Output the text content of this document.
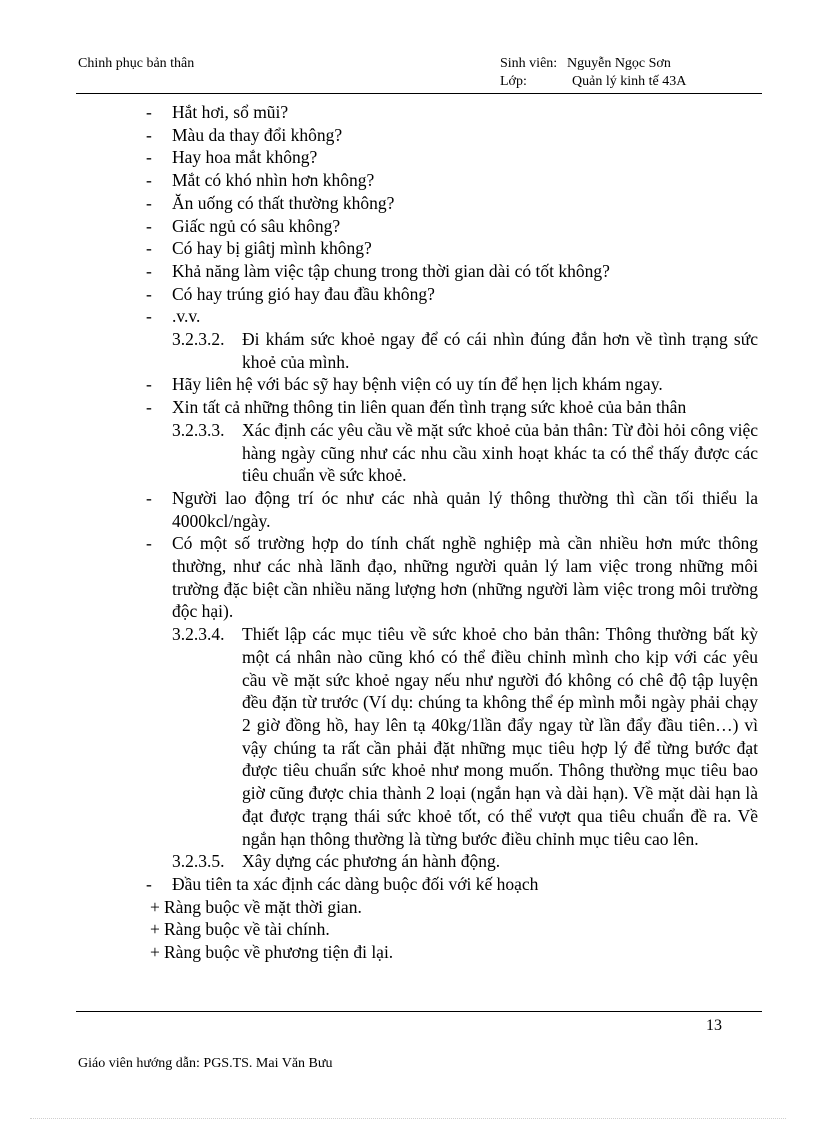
Chinh phục bản thân	Sinh viên: Nguyễn Ngọc Sơn
Lớp:	Quản lý kinh tế 43A
- Hắt hơi, sổ mũi?
- Màu da thay đổi không?
- Hay hoa mắt không?
- Mắt có khó nhìn hơn không?
- Ăn uống có thất thường không?
- Giấc ngủ có sâu không?
- Có hay bị giâtj mình không?
- Khả năng làm việc tập chung trong thời gian dài có tốt không?
- Có hay trúng gió hay đau đầu không?
- .v.v.
3.2.3.2. Đi khám sức khoẻ ngay để có cái nhìn đúng đắn hơn về tình trạng sức khoẻ của mình.
- Hãy liên hệ với bác sỹ hay bệnh viện có uy tín để hẹn lịch khám ngay.
- Xin tất cả những thông tin liên quan đến tình trạng sức khoẻ của bản thân
3.2.3.3. Xác định các yêu cầu về mặt sức khoẻ của bản thân: Từ đòi hỏi công việc hàng ngày cũng như các nhu cầu xinh hoạt khác ta có thể thấy được các tiêu chuẩn về sức khoẻ.
- Người lao động trí óc như các nhà quản lý thông thường thì cần tối thiểu la 4000kcl/ngày.
- Có một số trường hợp do tính chất nghề nghiệp mà cần nhiều hơn mức thông thường, như các nhà lãnh đạo, những người quản lý lam việc trong những môi trường đặc biệt cần nhiều năng lượng hơn (những người làm việc trong môi trường độc hại).
3.2.3.4. Thiết lập các mục tiêu về sức khoẻ cho bản thân: Thông thường bất kỳ một cá nhân nào cũng khó có thể điều chỉnh mình cho kịp với các yêu cầu về mặt sức khoẻ ngay nếu như người đó không có chê độ tập luyện đều đặn từ trước (Ví dụ: chúng ta không thể ép mình mỗi ngày phải chạy 2 giờ đồng hồ, hay lên tạ 40kg/1lần đẩy ngay từ lần đẩy đầu tiên…) vì vậy chúng ta rất cần phải đặt những mục tiêu hợp lý để từng bước đạt được tiêu chuẩn sức khoẻ như mong muốn. Thông thường mục tiêu bao giờ cũng được chia thành 2 loại (ngắn hạn và dài hạn). Về mặt dài hạn là đạt được trạng thái sức khoẻ tốt, có thể vượt qua tiêu chuẩn đề ra. Về ngắn hạn thông thường là từng bước điều chỉnh mục tiêu cao lên.
3.2.3.5. Xây dựng các phương án hành động.
- Đầu tiên ta xác định các dàng buộc đối với kế hoạch
+ Ràng buộc về mặt thời gian.
+ Ràng buộc về tài chính.
+ Ràng buộc về phương tiện đi lại.
13
Giáo viên hướng dẫn: PGS.TS. Mai Văn Bưu
